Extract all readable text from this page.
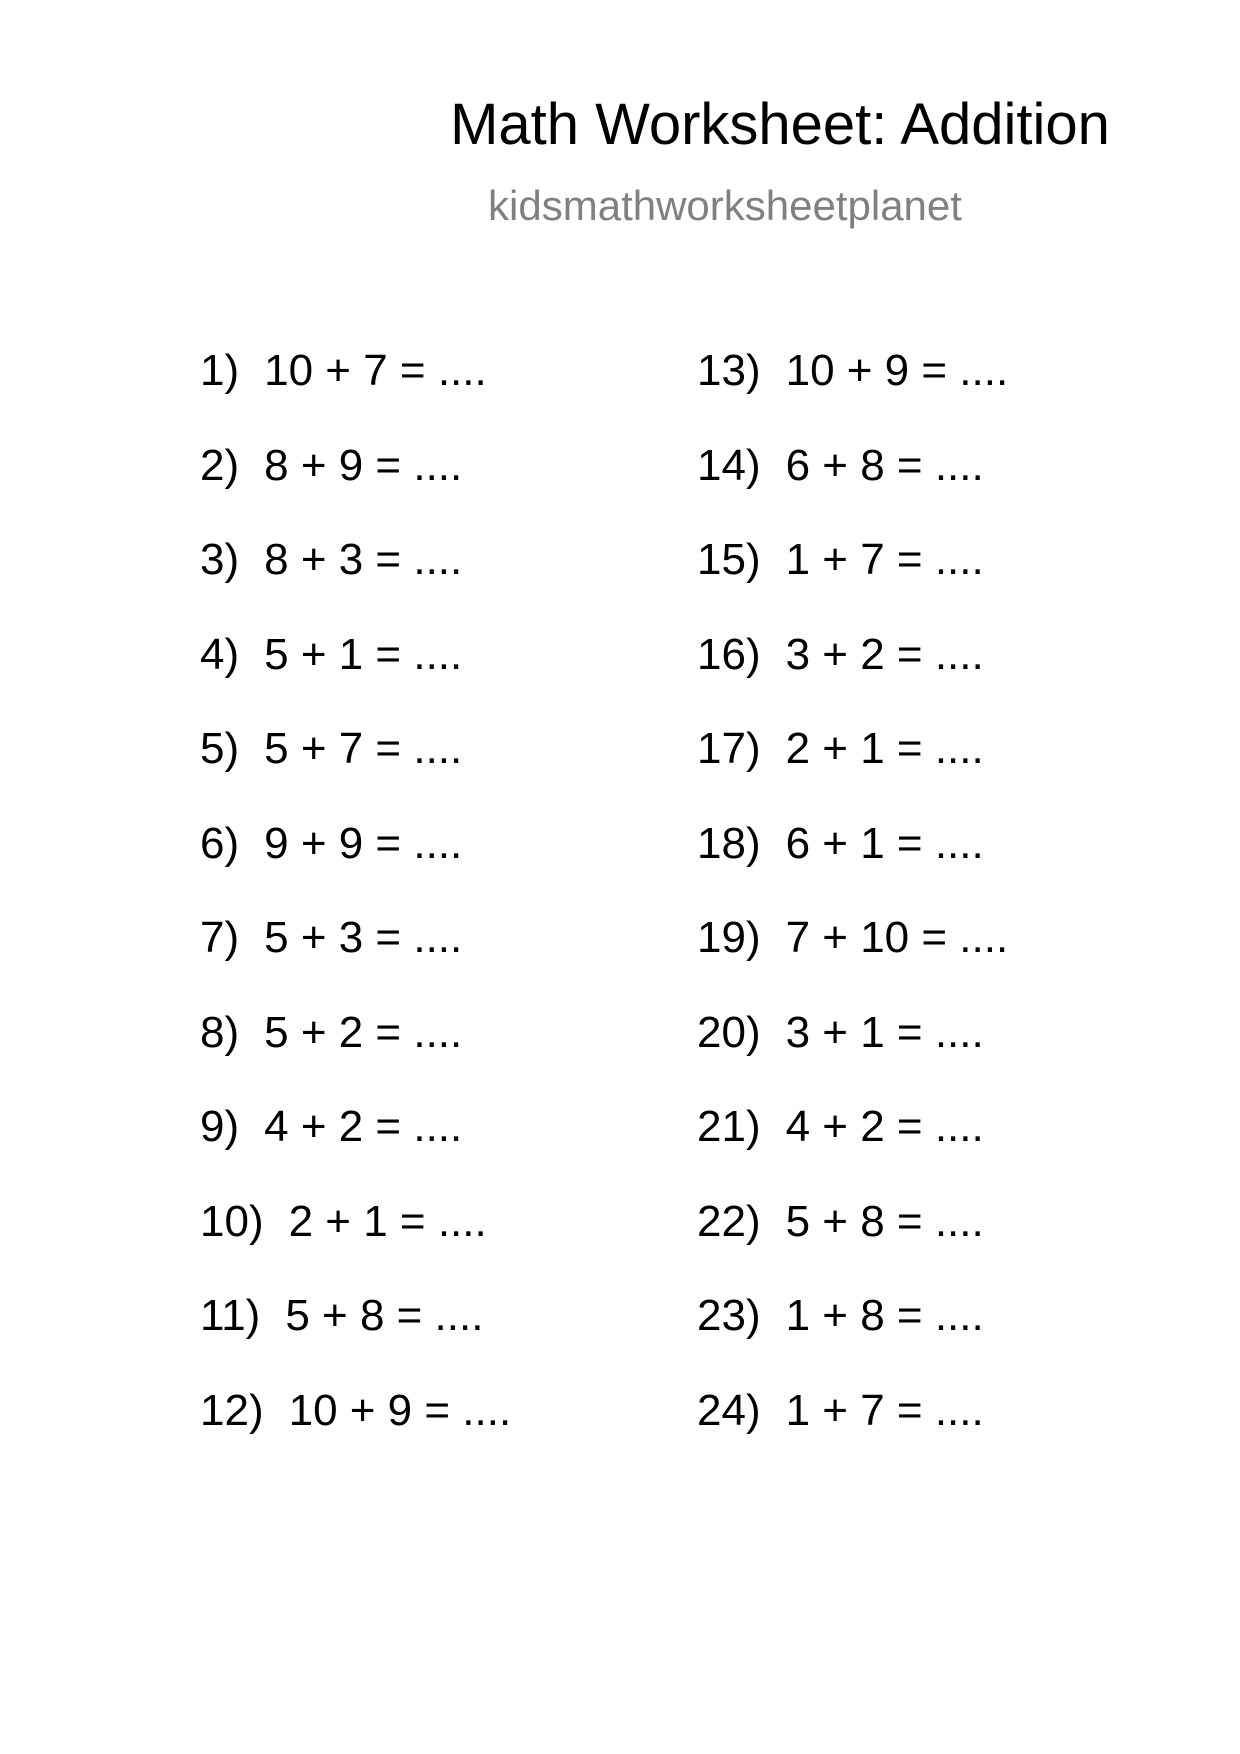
Math Worksheet: Addition
kidsmathworksheetplanet
1) 10 + 7 = ....
2) 8 + 9 = ....
3) 8 + 3 = ....
4) 5 + 1 = ....
5) 5 + 7 = ....
6) 9 + 9 = ....
7) 5 + 3 = ....
8) 5 + 2 = ....
9) 4 + 2 = ....
10) 2 + 1 = ....
11) 5 + 8 = ....
12) 10 + 9 = ....
13) 10 + 9 = ....
14) 6 + 8 = ....
15) 1 + 7 = ....
16) 3 + 2 = ....
17) 2 + 1 = ....
18) 6 + 1 = ....
19) 7 + 10 = ....
20) 3 + 1 = ....
21) 4 + 2 = ....
22) 5 + 8 = ....
23) 1 + 8 = ....
24) 1 + 7 = ....
